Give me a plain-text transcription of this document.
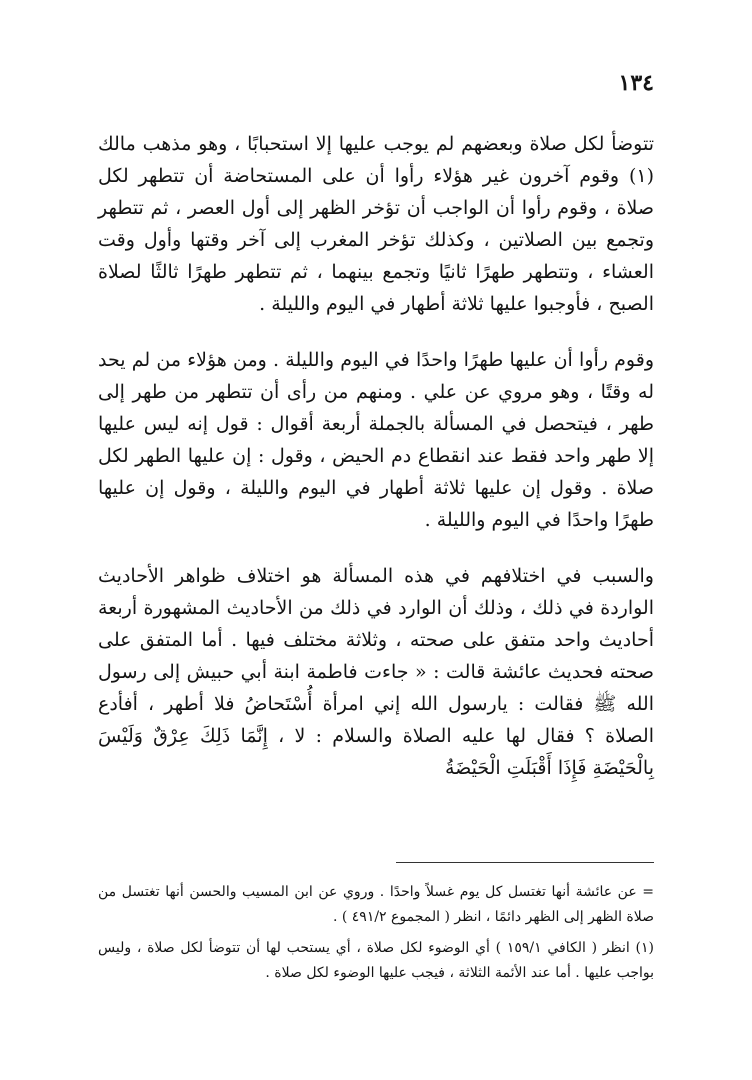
١٣٤

تتوضأ لكل صلاة وبعضهم لم يوجب عليها إلا استحبابًا ، وهو مذهب مالك (١) وقوم آخرون غير هؤلاء رأوا أن على المستحاضة أن تتطهر لكل صلاة ، وقوم رأوا أن الواجب أن تؤخر الظهر إلى أول العصر ، ثم تتطهر وتجمع بين الصلاتين ، وكذلك تؤخر المغرب إلى آخر وقتها وأول وقت العشاء ، وتتطهر طهرًا ثانيًا وتجمع بينهما ، ثم تتطهر طهرًا ثالثًا لصلاة الصبح ، فأوجبوا عليها ثلاثة أطهار في اليوم والليلة .

وقوم رأوا أن عليها طهرًا واحدًا في اليوم والليلة . ومن هؤلاء من لم يحد له وقتًا ، وهو مروي عن علي . ومنهم من رأى أن تتطهر من طهر إلى طهر ، فيتحصل في المسألة بالجملة أربعة أقوال : قول إنه ليس عليها إلا طهر واحد فقط عند انقطاع دم الحيض ، وقول : إن عليها الطهر لكل صلاة . وقول إن عليها ثلاثة أطهار في اليوم والليلة ، وقول إن عليها طهرًا واحدًا في اليوم والليلة .

والسبب في اختلافهم في هذه المسألة هو اختلاف ظواهر الأحاديث الواردة في ذلك ، وذلك أن الوارد في ذلك من الأحاديث المشهورة أربعة أحاديث واحد متفق على صحته ، وثلاثة مختلف فيها . أما المتفق على صحته فحديث عائشة قالت : « جاءت فاطمة ابنة أبي حبيش إلى رسول الله ﷺ فقالت : يارسول الله إني امرأة أُسْتَحاضُ فلا أطهر ، أفأدع الصلاة ؟ فقال لها عليه الصلاة والسلام : لا ، إِنَّمَا ذَلِكَ عِرْقٌ وَلَيْسَ بِالْحَيْضَةِ فَإِذَا أَقْبَلَتِ الْحَيْضَةُ

= عن عائشة أنها تغتسل كل يوم غسلاً واحدًا . وروي عن ابن المسيب والحسن أنها تغتسل من صلاة الظهر إلى الظهر دائمًا ، انظر ( المجموع ٤٩١/٢ ) .

(١) انظر ( الكافي ١٥٩/١ ) أي الوضوء لكل صلاة ، أي يستحب لها أن تتوضأ لكل صلاة ، وليس بواجب عليها . أما عند الأئمة الثلاثة ، فيجب عليها الوضوء لكل صلاة .
